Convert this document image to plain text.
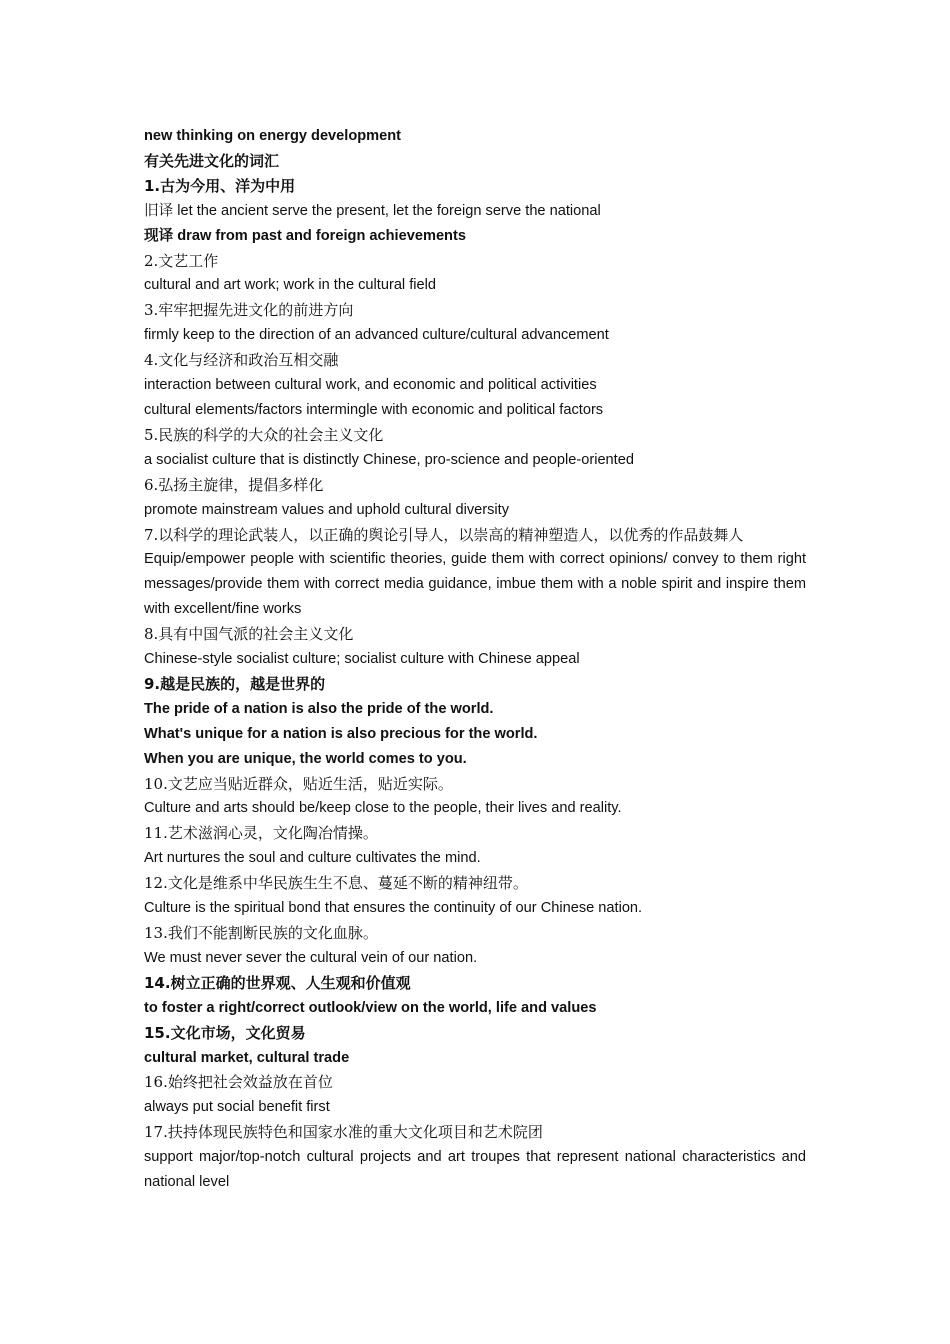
new thinking on energy development
有关先进文化的词汇
1.古为今用、洋为中用
旧译 let the ancient serve the present, let the foreign serve the national
现译 draw from past and foreign achievements
2.文艺工作
cultural and art work; work in the cultural field
3.牢牢把握先进文化的前进方向
firmly keep to the direction of an advanced culture/cultural advancement
4.文化与经济和政治互相交融
interaction between cultural work, and economic and political activities
cultural elements/factors intermingle with economic and political factors
5.民族的科学的大众的社会主义文化
a socialist culture that is distinctly Chinese, pro-science and people-oriented
6.弘扬主旋律，提倡多样化
promote mainstream values and uphold cultural diversity
7.以科学的理论武装人，以正确的舆论引导人，以崇高的精神塑造人，以优秀的作品鼓舞人
Equip/empower people with scientific theories, guide them with correct opinions/ convey to them right messages/provide them with correct media guidance, imbue them with a noble spirit and inspire them with excellent/fine works
8.具有中国气派的社会主义文化
Chinese-style socialist culture; socialist culture with Chinese appeal
9.越是民族的，越是世界的
The pride of a nation is also the pride of the world.
What's unique for a nation is also precious for the world.
When you are unique, the world comes to you.
10.文艺应当贴近群众，贴近生活，贴近实际。
Culture and arts should be/keep close to the people, their lives and reality.
11.艺术滋润心灵，文化陶冶情操。
Art nurtures the soul and culture cultivates the mind.
12.文化是维系中华民族生生不息、蔓延不断的精神纽带。
Culture is the spiritual bond that ensures the continuity of our Chinese nation.
13.我们不能割断民族的文化血脉。
We must never sever the cultural vein of our nation.
14.树立正确的世界观、人生观和价值观
to foster a right/correct outlook/view on the world, life and values
15.文化市场，文化贸易
cultural market, cultural trade
16.始终把社会效益放在首位
always put social benefit first
17.扶持体现民族特色和国家水准的重大文化项目和艺术院团
support major/top-notch cultural projects and art troupes that represent national characteristics and national level
